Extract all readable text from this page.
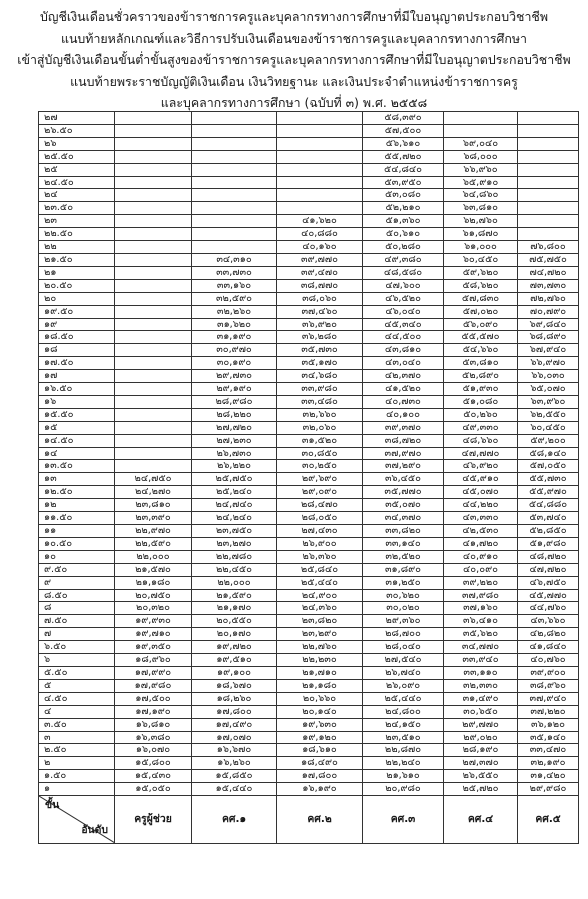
บัญชีเงินเดือนชั่วคราวของข้าราชการครูและบุคลากรทางการศึกษาที่มีใบอนุญาตประกอบวิชาชีพ
แนบท้ายหลักเกณฑ์และวิธีการปรับเงินเดือนของข้าราชการครูและบุคลากรทางการศึกษา
เข้าสู่บัญชีเงินเดือนขั้นต่ำขั้นสูงของข้าราชการครูและบุคลากรทางการศึกษาที่มีใบอนุญาตประกอบวิชาชีพ
แนบท้ายพระราชบัญญัติเงินเดือน เงินวิทยฐานะ และเงินประจำตำแหน่งข้าราชการครู
และบุคลากรทางการศึกษา (ฉบับที่ ๓) พ.ศ. ๒๕๕๘
๒๗				๕๘,๓๙๐		
๒๖.๕๐				๕๗,๕๐๐		
๒๖				๕๖,๖๑๐	๖๙,๐๔๐	
๒๕.๕๐				๕๕,๗๒๐	๖๘,๐๐๐	
๒๕				๕๔,๘๔๐	๖๖,๙๖๐	
๒๔.๕๐				๕๓,๙๕๐	๖๕,๙๑๐	
๒๔				๕๓,๐๘๐	๖๔,๘๖๐	
๒๓.๕๐				๕๒,๒๑๐	๖๓,๘๑๐	
๒๓			๔๑,๖๒๐	๕๑,๓๖๐	๖๒,๗๖๐	
๒๒.๕๐			๔๐,๘๘๐	๕๐,๖๑๐	๖๑,๘๗๐	
๒๒			๔๐,๑๖๐	๕๐,๒๘๐	๖๑,๐๐๐	๗๖,๘๐๐
๒๑.๕๐		๓๔,๓๑๐	๓๙,๗๗๐	๔๙,๓๘๐	๖๐,๔๕๐	๗๕,๗๕๐
๒๑		๓๓,๗๓๐	๓๙,๔๗๐	๔๘,๕๘๐	๕๙,๖๒๐	๗๔,๗๒๐
๒๐.๕๐		๓๓,๑๖๐	๓๘,๗๗๐	๔๗,๖๐๐	๕๘,๖๒๐	๗๓,๗๓๐
๒๐		๓๒,๕๙๐	๓๘,๐๖๐	๔๖,๕๒๐	๕๗,๘๓๐	๗๒,๗๖๐
๑๙.๕๐		๓๒,๒๖๐	๓๗,๔๖๐	๔๖,๐๔๐	๕๗,๐๒๐	๗๐,๗๙๐
๑๙		๓๑,๖๒๐	๓๖,๙๒๐	๔๕,๓๔๐	๕๖,๐๙๐	๖๙,๘๔๐
๑๘.๕๐		๓๑,๑๙๐	๓๖,๒๘๐	๔๔,๕๐๐	๕๕,๕๗๐	๖๘,๘๙๐
๑๘		๓๐,๙๗๐	๓๕,๗๓๐	๔๓,๘๑๐	๕๔,๖๖๐	๖๗,๙๔๐
๑๗.๕๐		๓๐,๑๙๐	๓๕,๑๗๐	๔๓,๐๔๐	๕๓,๘๑๐	๖๖,๙๗๐
๑๗		๒๙,๗๓๐	๓๔,๖๘๐	๔๒,๓๗๐	๕๒,๘๙๐	๖๖,๐๓๐
๑๖.๕๐		๒๙,๑๙๐	๓๓,๙๘๐	๔๑,๕๒๐	๕๑,๙๓๐	๖๕,๐๗๐
๑๖		๒๘,๙๘๐	๓๓,๔๘๐	๔๐,๗๓๐	๕๑,๐๘๐	๖๓,๙๖๐
๑๕.๕๐		๒๘,๒๒๐	๓๒,๖๖๐	๔๐,๑๐๐	๕๐,๒๖๐	๖๒,๕๕๐
๑๕		๒๗,๗๒๐	๓๒,๐๖๐	๓๙,๓๗๐	๔๙,๓๓๐	๖๐,๔๕๐
๑๔.๕๐		๒๗,๒๓๐	๓๑,๕๒๐	๓๘,๗๒๐	๔๘,๖๖๐	๕๙,๒๐๐
๑๔		๒๖,๗๓๐	๓๐,๘๕๐	๓๗,๙๗๐	๔๗,๗๗๐	๕๘,๑๔๐
๑๓.๕๐		๒๖,๒๒๐	๓๐,๒๕๐	๓๗,๒๙๐	๔๖,๙๒๐	๕๗,๐๕๐
๑๓	๒๔,๗๕๐	๒๕,๗๕๐	๒๙,๖๙๐	๓๖,๔๕๐	๔๕,๙๑๐	๕๕,๗๓๐
๑๒.๕๐	๒๔,๒๗๐	๒๕,๒๔๐	๒๙,๐๙๐	๓๕,๗๗๐	๔๕,๐๗๐	๕๕,๙๗๐
๑๒	๒๓,๘๑๐	๒๔,๗๔๐	๒๘,๔๗๐	๓๕,๐๗๐	๔๔,๒๒๐	๕๔,๘๘๐
๑๑.๕๐	๒๓,๓๙๐	๒๔,๒๔๐	๒๘,๐๕๐	๓๔,๓๗๐	๔๓,๓๓๐	๕๓,๗๔๐
๑๑	๒๒,๙๗๐	๒๓,๗๕๐	๒๗,๔๓๐	๓๓,๘๒๐	๔๒,๕๓๐	๕๒,๘๕๐
๑๐.๕๐	๒๒,๕๙๐	๒๓,๒๗๐	๒๖,๙๐๐	๓๓,๑๔๐	๔๑,๗๒๐	๕๑,๙๘๐
๑๐	๒๒,๐๐๐	๒๒,๗๘๐	๒๖,๓๖๐	๓๒,๕๒๐	๔๐,๙๑๐	๔๘,๗๒๐
๙.๕๐	๒๑,๕๗๐	๒๒,๔๕๐	๒๕,๘๔๐	๓๑,๘๙๐	๔๐,๐๙๐	๔๗,๗๒๐
๙	๒๑,๑๘๐	๒๒,๐๐๐	๒๕,๔๔๐	๓๑,๒๕๐	๓๙,๒๒๐	๔๖,๗๕๐
๘.๕๐	๒๐,๗๕๐	๒๑,๕๙๐	๒๔,๙๐๐	๓๐,๖๒๐	๓๗,๙๘๐	๔๕,๗๗๐
๘	๒๐,๓๒๐	๒๑,๑๗๐	๒๔,๓๖๐	๓๐,๐๒๐	๓๗,๑๖๐	๔๔,๗๖๐
๗.๕๐	๑๙,๙๓๐	๒๐,๕๕๐	๒๓,๘๒๐	๒๙,๓๖๐	๓๖,๔๑๐	๔๓,๖๖๐
๗	๑๙,๗๑๐	๒๐,๑๗๐	๒๓,๒๙๐	๒๘,๗๐๐	๓๕,๖๒๐	๔๒,๘๒๐
๖.๕๐	๑๙,๓๕๐	๑๙,๗๒๐	๒๒,๗๖๐	๒๘,๐๔๐	๓๔,๗๗๐	๔๑,๘๔๐
๖	๑๘,๙๖๐	๑๙,๕๑๐	๒๒,๒๓๐	๒๗,๕๔๐	๓๓,๙๔๐	๔๐,๗๖๐
๕.๕๐	๑๗,๙๙๐	๑๙,๑๐๐	๒๑,๗๑๐	๒๖,๗๔๐	๓๓,๑๑๐	๓๙,๙๐๐
๕	๑๗,๙๘๐	๑๘,๖๗๐	๒๑,๑๘๐	๒๖,๐๙๐	๓๒,๓๓๐	๓๘,๙๖๐
๔.๕๐	๑๗,๕๐๐	๑๘,๒๖๐	๒๐,๖๖๐	๒๕,๔๔๐	๓๑,๔๙๐	๓๗,๙๔๐
๔	๑๗,๑๙๐	๑๗,๘๐๐	๒๐,๑๔๐	๒๔,๘๐๐	๓๐,๖๕๐	๓๗,๒๒๐
๓.๕๐	๑๖,๘๑๐	๑๗,๔๙๐	๑๙,๖๓๐	๒๔,๑๕๐	๒๙,๗๗๐	๓๖,๑๒๐
๓	๑๖,๓๘๐	๑๗,๐๗๐	๑๙,๑๒๐	๒๓,๕๑๐	๒๙,๐๒๐	๓๕,๑๔๐
๒.๕๐	๑๖,๐๗๐	๑๖,๖๗๐	๑๘,๖๑๐	๒๒,๘๗๐	๒๘,๑๙๐	๓๓,๔๗๐
๒	๑๕,๘๐๐	๑๖,๒๖๐	๑๘,๔๙๐	๒๒,๒๔๐	๒๗,๓๗๐	๓๒,๑๙๐
๑.๕๐	๑๕,๔๓๐	๑๕,๘๕๐	๑๗,๘๐๐	๒๑,๖๑๐	๒๖,๕๕๐	๓๑,๔๒๐
๑	๑๕,๐๕๐	๑๕,๔๔๐	๑๖,๑๙๐	๒๐,๙๘๐	๒๕,๗๒๐	๒๙,๙๘๐

ขั้น
อันดับ	ครูผู้ช่วย	คศ.๑	คศ.๒	คศ.๓	คศ.๔	คศ.๕
